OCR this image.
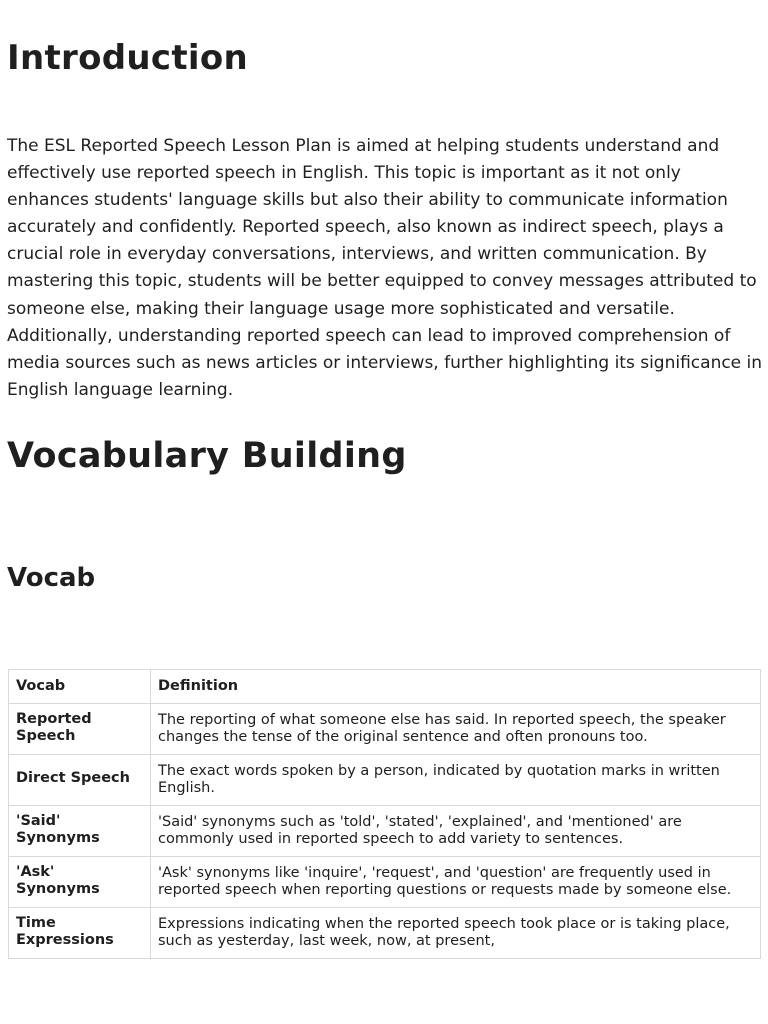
Introduction

The ESL Reported Speech Lesson Plan is aimed at helping students understand and effectively use reported speech in English. This topic is important as it not only enhances students' language skills but also their ability to communicate information accurately and confidently. Reported speech, also known as indirect speech, plays a crucial role in everyday conversations, interviews, and written communication. By mastering this topic, students will be better equipped to convey messages attributed to someone else, making their language usage more sophisticated and versatile. Additionally, understanding reported speech can lead to improved comprehension of media sources such as news articles or interviews, further highlighting its significance in English language learning.

Vocabulary Building
Vocab
Vocab	Definition
Reported Speech	The reporting of what someone else has said. In reported speech, the speaker changes the tense of the original sentence and often pronouns too.
Direct Speech	The exact words spoken by a person, indicated by quotation marks in written English.
'Said' Synonyms	'Said' synonyms such as 'told', 'stated', 'explained', and 'mentioned' are commonly used in reported speech to add variety to sentences.
'Ask' Synonyms	'Ask' synonyms like 'inquire', 'request', and 'question' are frequently used in reported speech when reporting questions or requests made by someone else.
Time Expressions	Expressions indicating when the reported speech took place or is taking place, such as yesterday, last week, now, at present,
